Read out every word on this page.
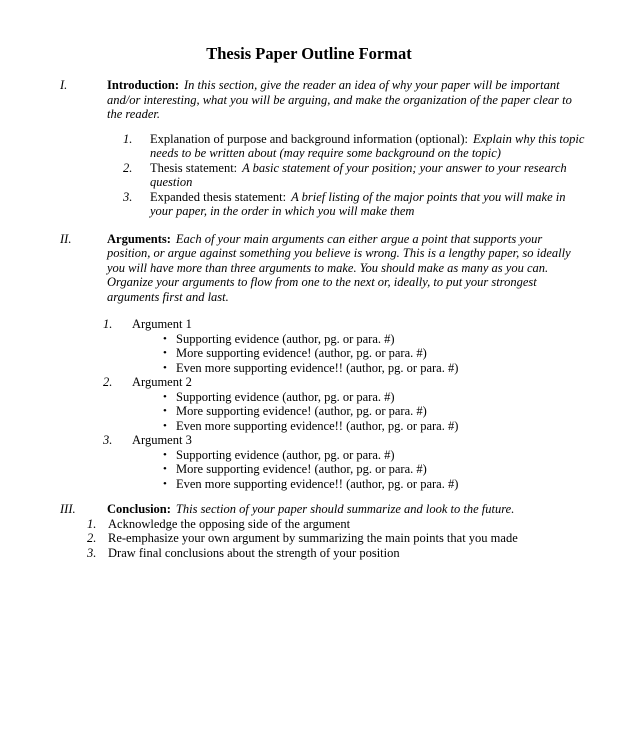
Thesis Paper Outline Format
I.	Introduction: In this section, give the reader an idea of why your paper will be important and/or interesting, what you will be arguing, and make the organization of the paper clear to the reader.
1.	Explanation of purpose and background information (optional): Explain why this topic needs to be written about (may require some background on the topic)
2.	Thesis statement: A basic statement of your position; your answer to your research question
3.	Expanded thesis statement: A brief listing of the major points that you will make in your paper, in the order in which you will make them
II.	Arguments: Each of your main arguments can either argue a point that supports your position, or argue against something you believe is wrong. This is a lengthy paper, so ideally you will have more than three arguments to make. You should make as many as you can. Organize your arguments to flow from one to the next or, ideally, to put your strongest arguments first and last.
1.	Argument 1
• Supporting evidence (author, pg. or para. #)
• More supporting evidence! (author, pg. or para. #)
• Even more supporting evidence!! (author, pg. or para. #)
2.	Argument 2
• Supporting evidence (author, pg. or para. #)
• More supporting evidence! (author, pg. or para. #)
• Even more supporting evidence!! (author, pg. or para. #)
3.	Argument 3
• Supporting evidence (author, pg. or para. #)
• More supporting evidence! (author, pg. or para. #)
• Even more supporting evidence!! (author, pg. or para. #)
III.	Conclusion: This section of your paper should summarize and look to the future.
1. Acknowledge the opposing side of the argument
2. Re-emphasize your own argument by summarizing the main points that you made
3. Draw final conclusions about the strength of your position
